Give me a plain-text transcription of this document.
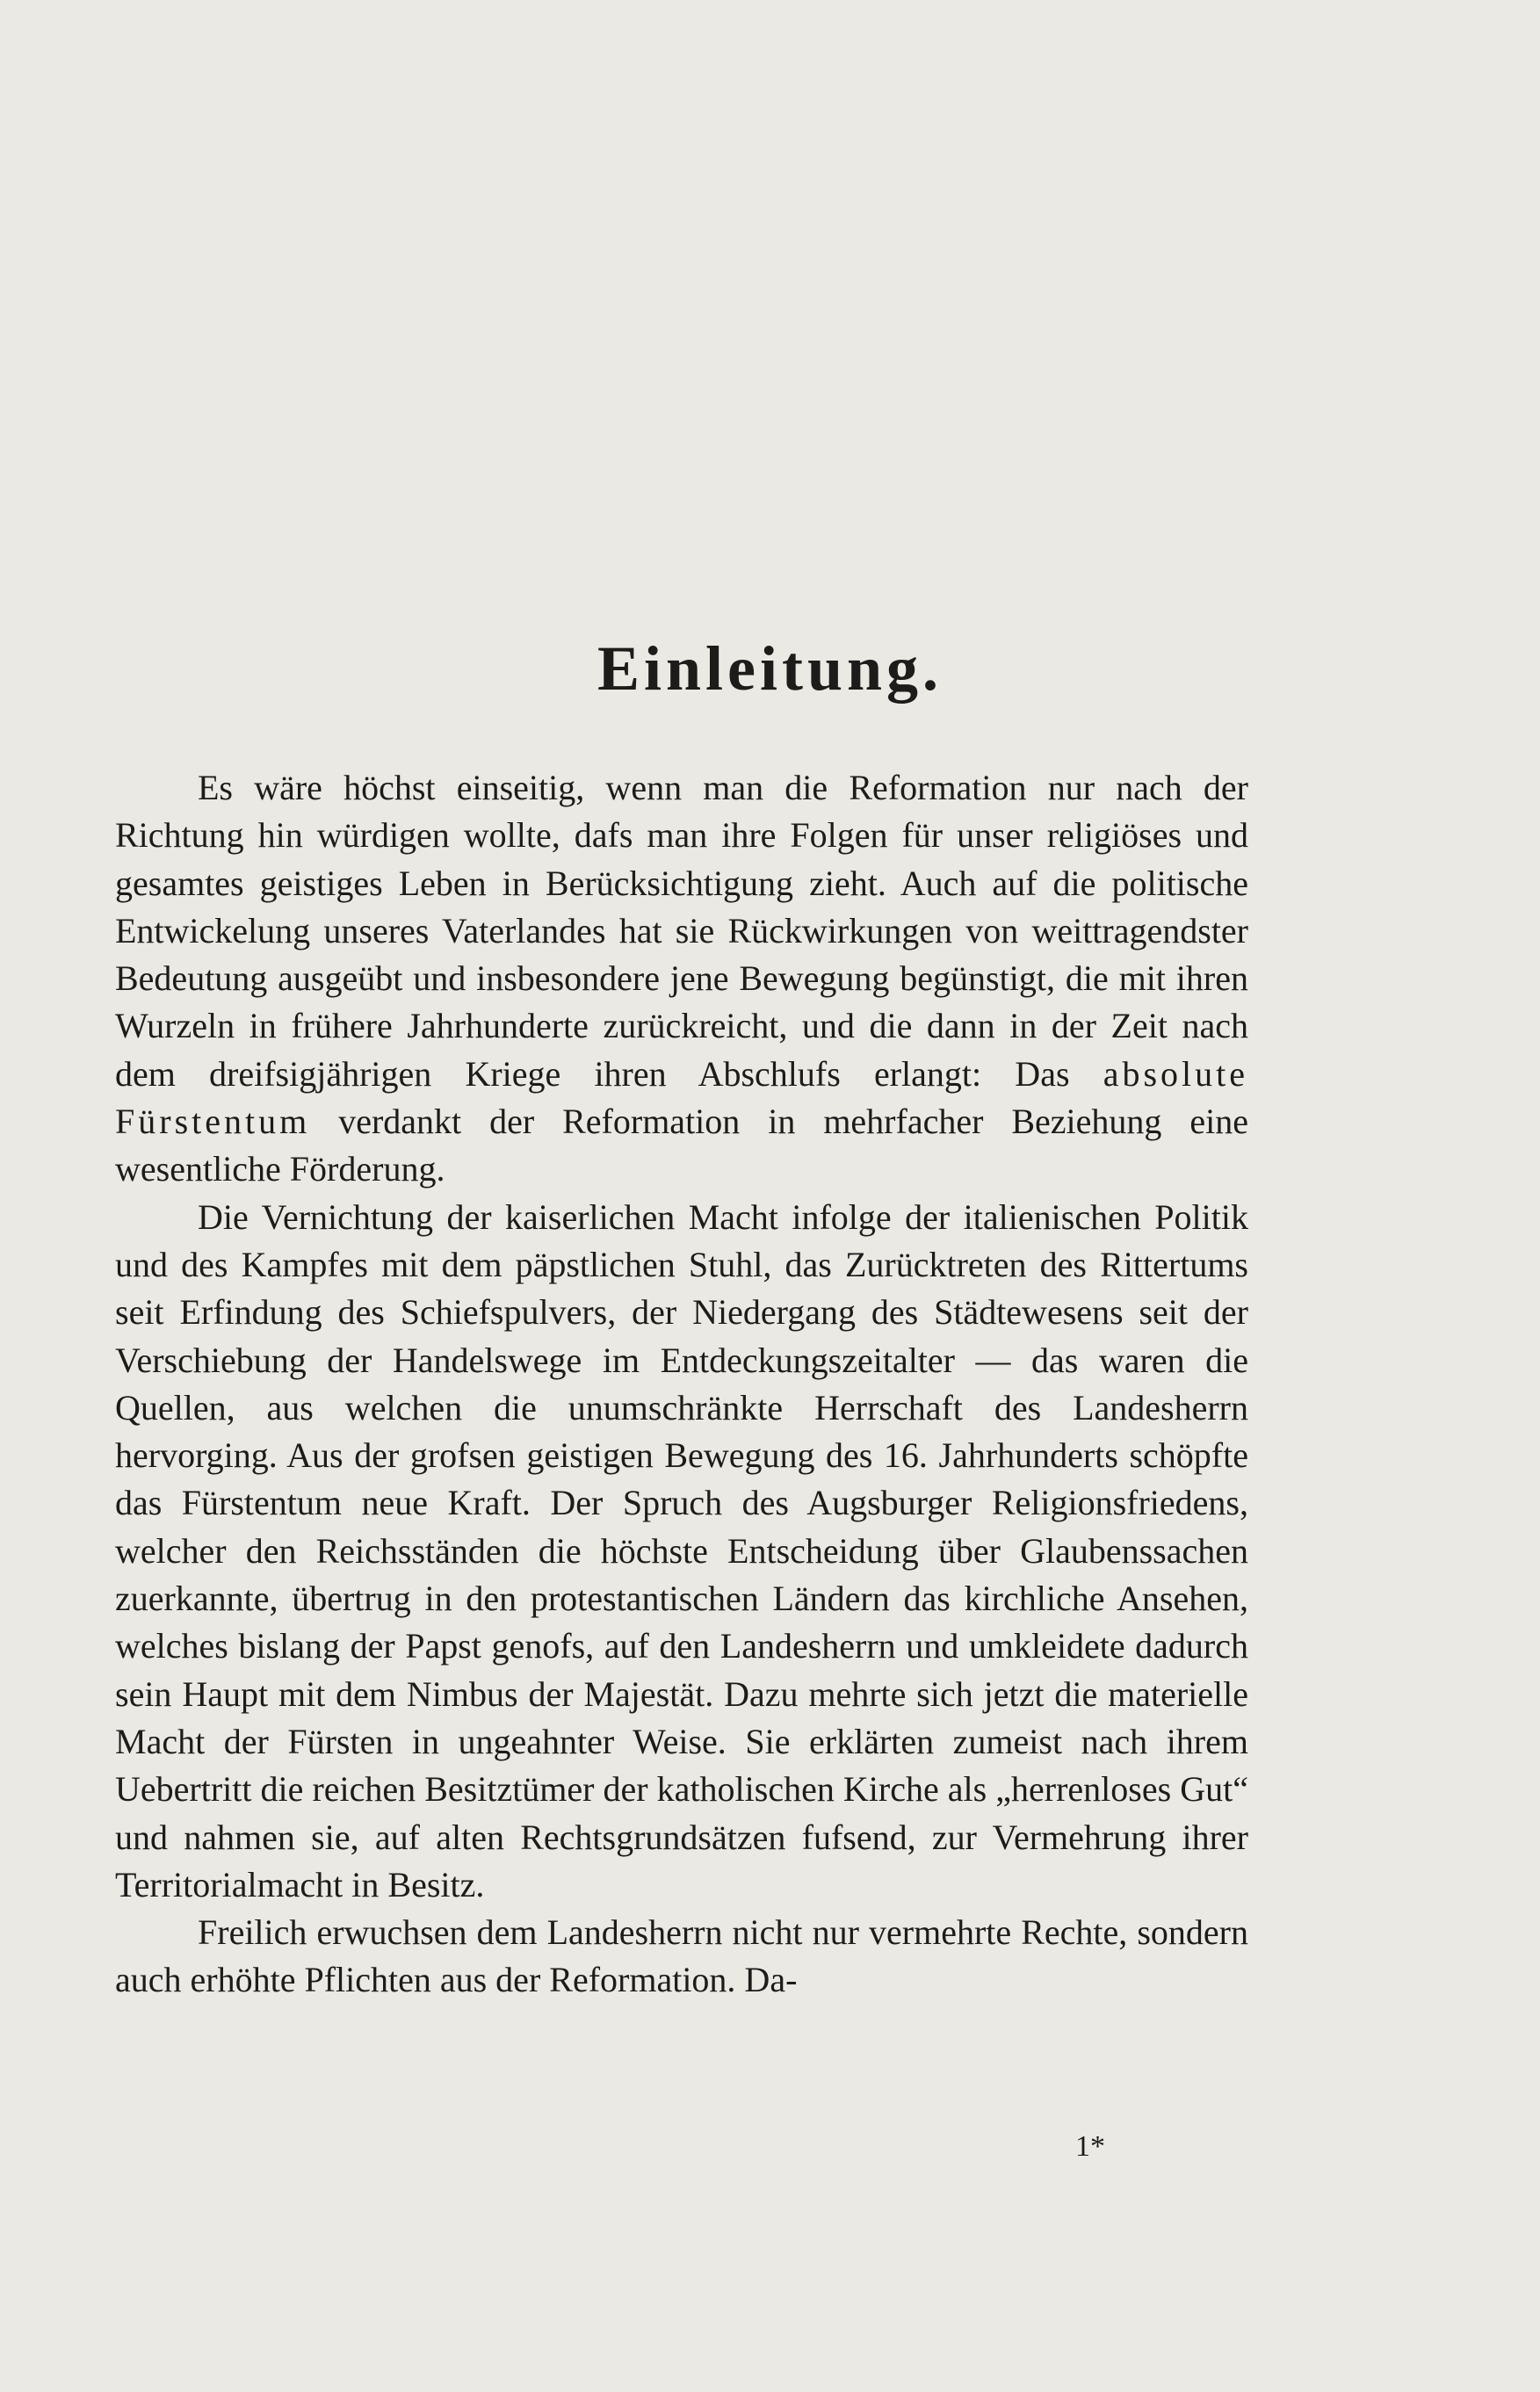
Einleitung.

Es wäre höchst einseitig, wenn man die Reformation nur nach der Richtung hin würdigen wollte, dafs man ihre Folgen für unser religiöses und gesamtes geistiges Leben in Berücksichtigung zieht. Auch auf die politische Entwickelung unseres Vaterlandes hat sie Rückwirkungen von weittragendster Bedeutung ausgeübt und insbesondere jene Bewegung begünstigt, die mit ihren Wurzeln in frühere Jahrhunderte zurückreicht, und die dann in der Zeit nach dem dreifsigjährigen Kriege ihren Abschlufs erlangt: Das absolute Fürstentum verdankt der Reformation in mehrfacher Beziehung eine wesentliche Förderung.

Die Vernichtung der kaiserlichen Macht infolge der italienischen Politik und des Kampfes mit dem päpstlichen Stuhl, das Zurücktreten des Rittertums seit Erfindung des Schiefspulvers, der Niedergang des Städtewesens seit der Verschiebung der Handelswege im Entdeckungszeitalter — das waren die Quellen, aus welchen die unumschränkte Herrschaft des Landesherrn hervorging. Aus der grofsen geistigen Bewegung des 16. Jahrhunderts schöpfte das Fürstentum neue Kraft. Der Spruch des Augsburger Religionsfriedens, welcher den Reichsständen die höchste Entscheidung über Glaubenssachen zuerkannte, übertrug in den protestantischen Ländern das kirchliche Ansehen, welches bislang der Papst genofs, auf den Landesherrn und umkleidete dadurch sein Haupt mit dem Nimbus der Majestät. Dazu mehrte sich jetzt die materielle Macht der Fürsten in ungeahnter Weise. Sie erklärten zumeist nach ihrem Uebertritt die reichen Besitztümer der katholischen Kirche als „herrenloses Gut“ und nahmen sie, auf alten Rechtsgrundsätzen fufsend, zur Vermehrung ihrer Territorialmacht in Besitz.

Freilich erwuchsen dem Landesherrn nicht nur vermehrte Rechte, sondern auch erhöhte Pflichten aus der Reformation. Da-

1*
